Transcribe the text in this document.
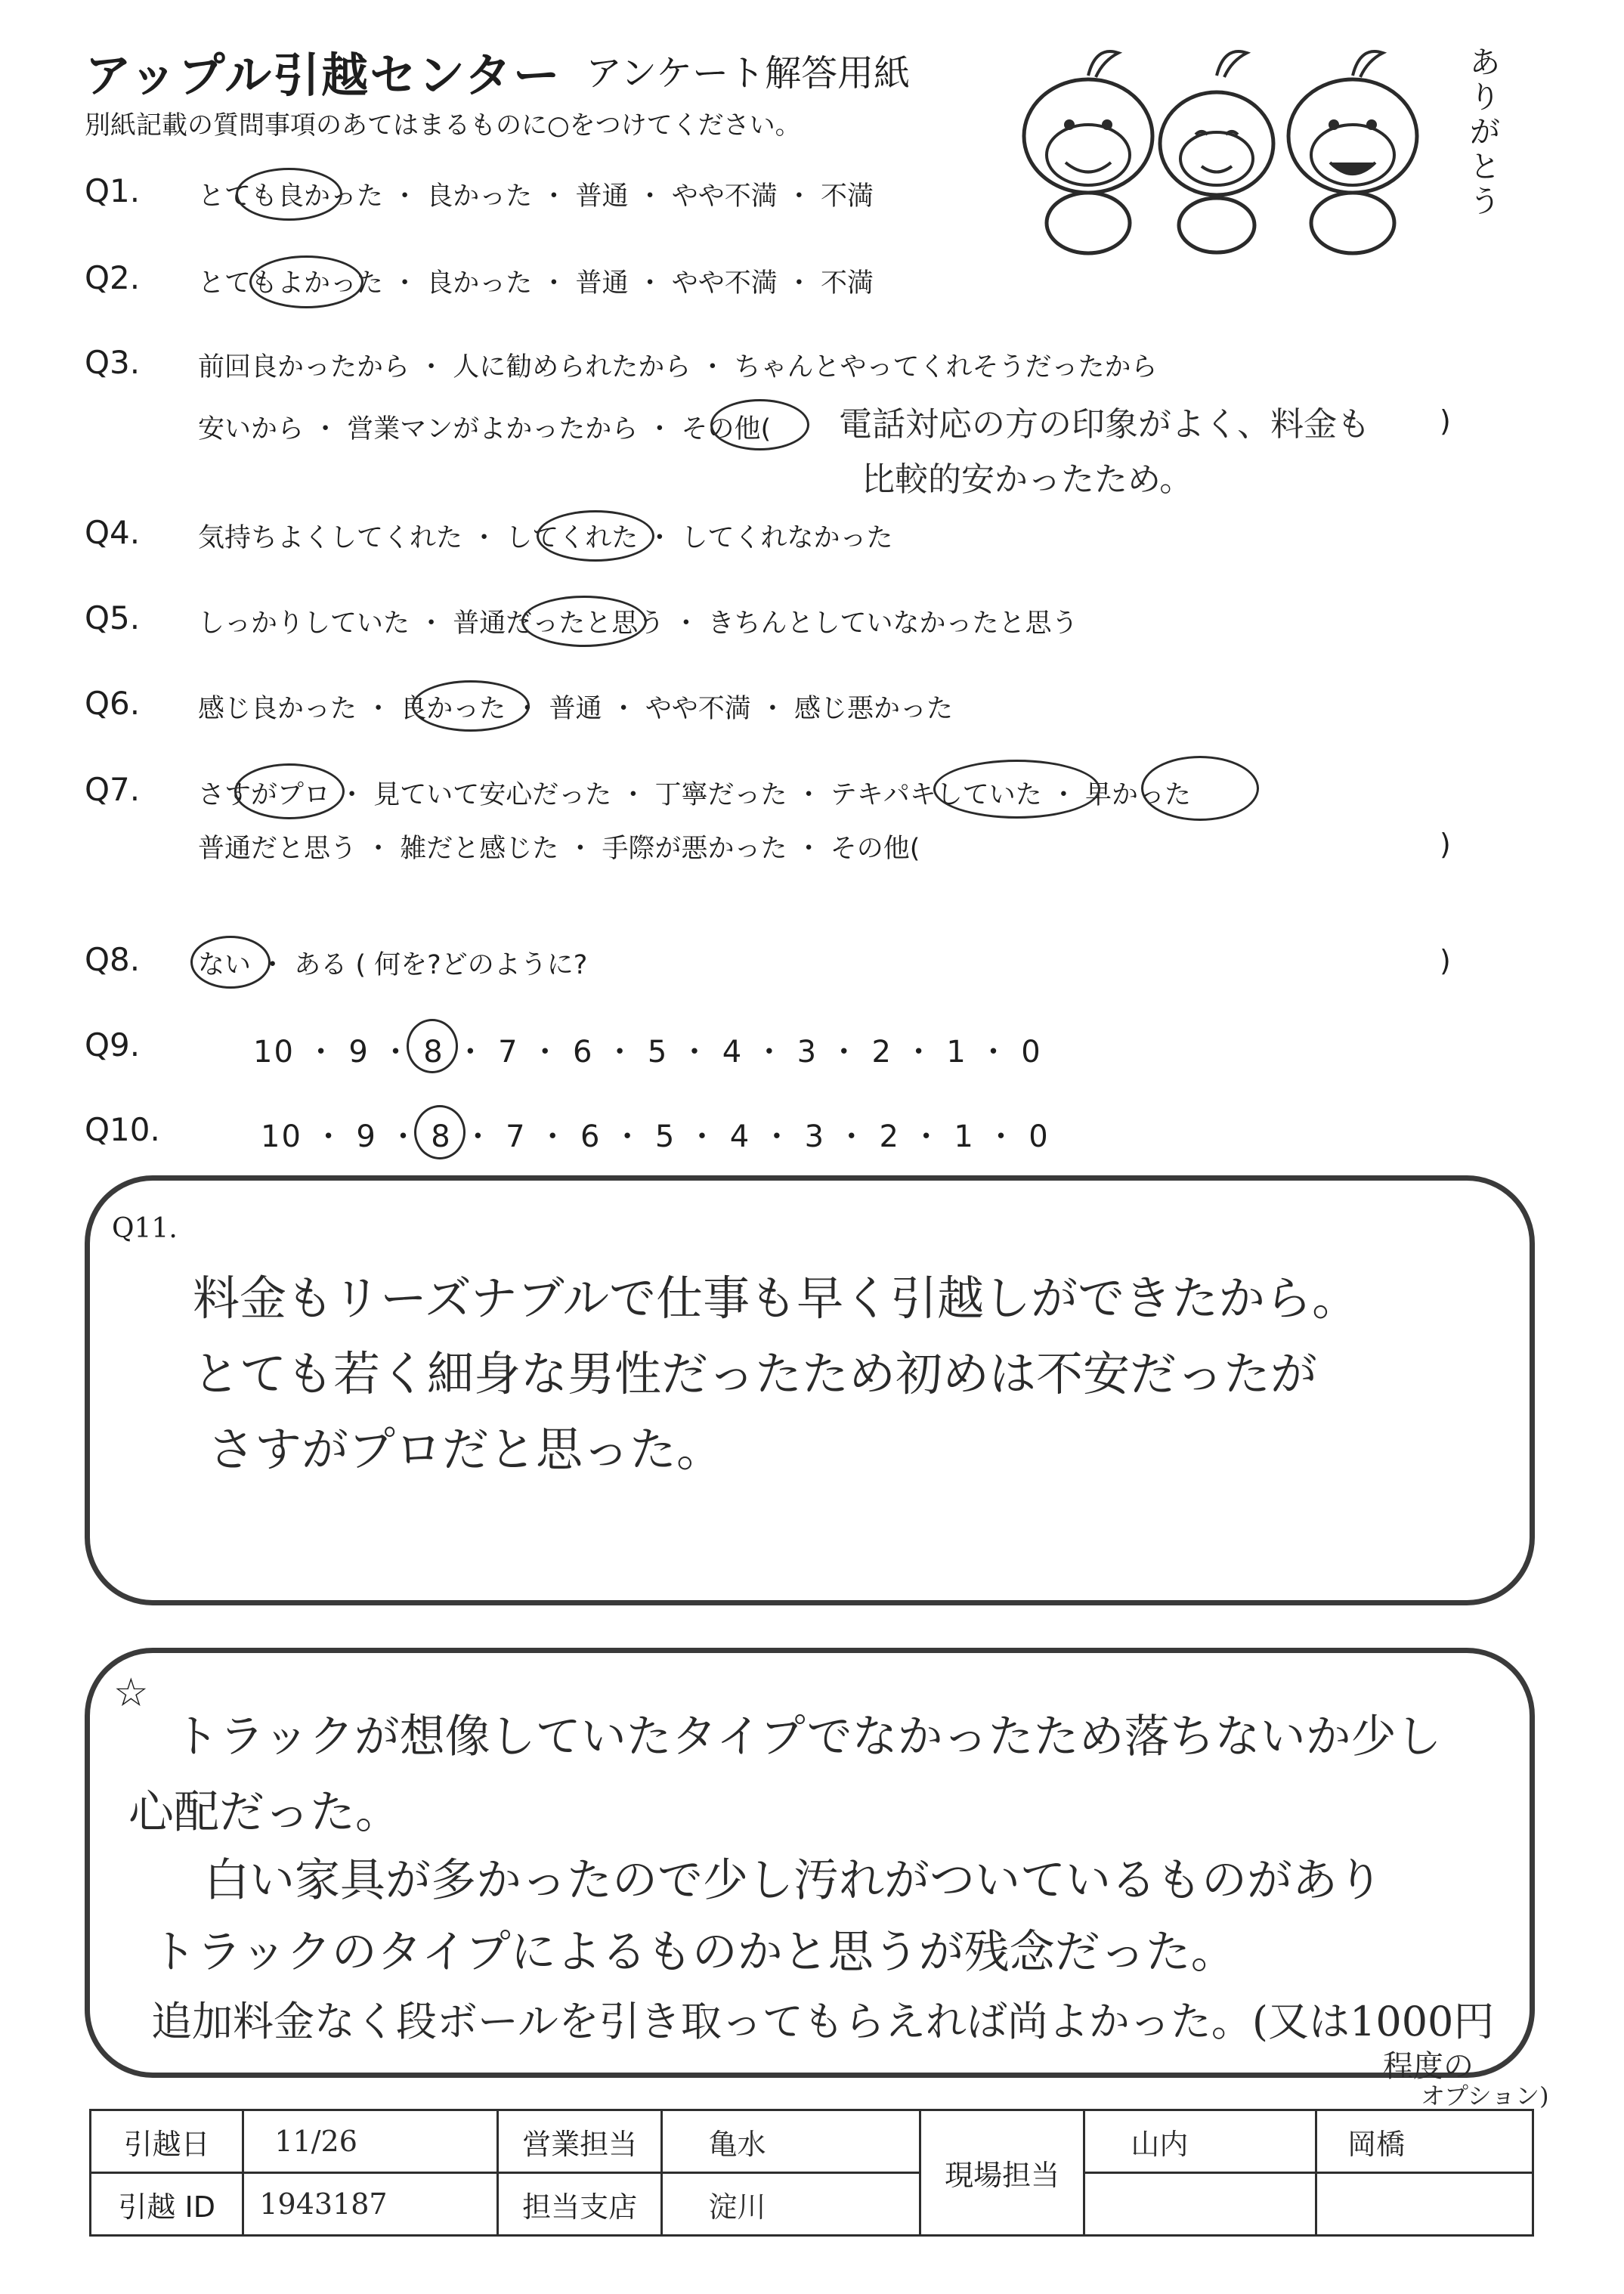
アップル引越センター アンケート解答用紙
別紙記載の質問事項のあてはまるものに○をつけてください。
ありがとう
Q1. とても良かった ・ 良かった ・ 普通 ・ やや不満 ・ 不満
Q2. とてもよかった ・ 良かった ・ 普通 ・ やや不満 ・ 不満
Q3. 前回良かったから ・ 人に勧められたから ・ ちゃんとやってくれそうだったから
安いから ・ 営業マンがよかったから ・ その他( 電話対応の方の印象がよく、料金も )
比較的安かったため。
Q4. 気持ちよくしてくれた ・ してくれた ・ してくれなかった
Q5. しっかりしていた ・ 普通だったと思う ・ きちんとしていなかったと思う
Q6. 感じ良かった ・ 良かった ・ 普通 ・ やや不満 ・ 感じ悪かった
Q7. さすがプロ ・ 見ていて安心だった ・ 丁寧だった ・ テキパキしていた ・ 早かった
普通だと思う ・ 雑だと感じた ・ 手際が悪かった ・ その他(	)
Q8. ない ・ ある ( 何を?どのように?	)
Q9.	10 ・ 9 ・ 8 ・ 7 ・ 6 ・ 5 ・ 4 ・ 3 ・ 2 ・ 1 ・ 0
Q10.	10 ・ 9 ・ 8 ・ 7 ・ 6 ・ 5 ・ 4 ・ 3 ・ 2 ・ 1 ・ 0
Q11.
料金もリーズナブルで仕事も早く引越しができたから。
とても若く細身な男性だったため初めは不安だったが
さすがプロだと思った。
☆
トラックが想像していたタイプでなかったため落ちないか少し
心配だった。
白い家具が多かったので少し汚れがついているものがあり
トラックのタイプによるものかと思うが残念だった。
追加料金なく段ボールを引き取ってもらえれば尚よかった。(又は1000円
程度の
オプション)
引越日	11/26	営業担当	亀水	現場担当	山内	岡橋
引越 ID	1943187	担当支店	淀川			
